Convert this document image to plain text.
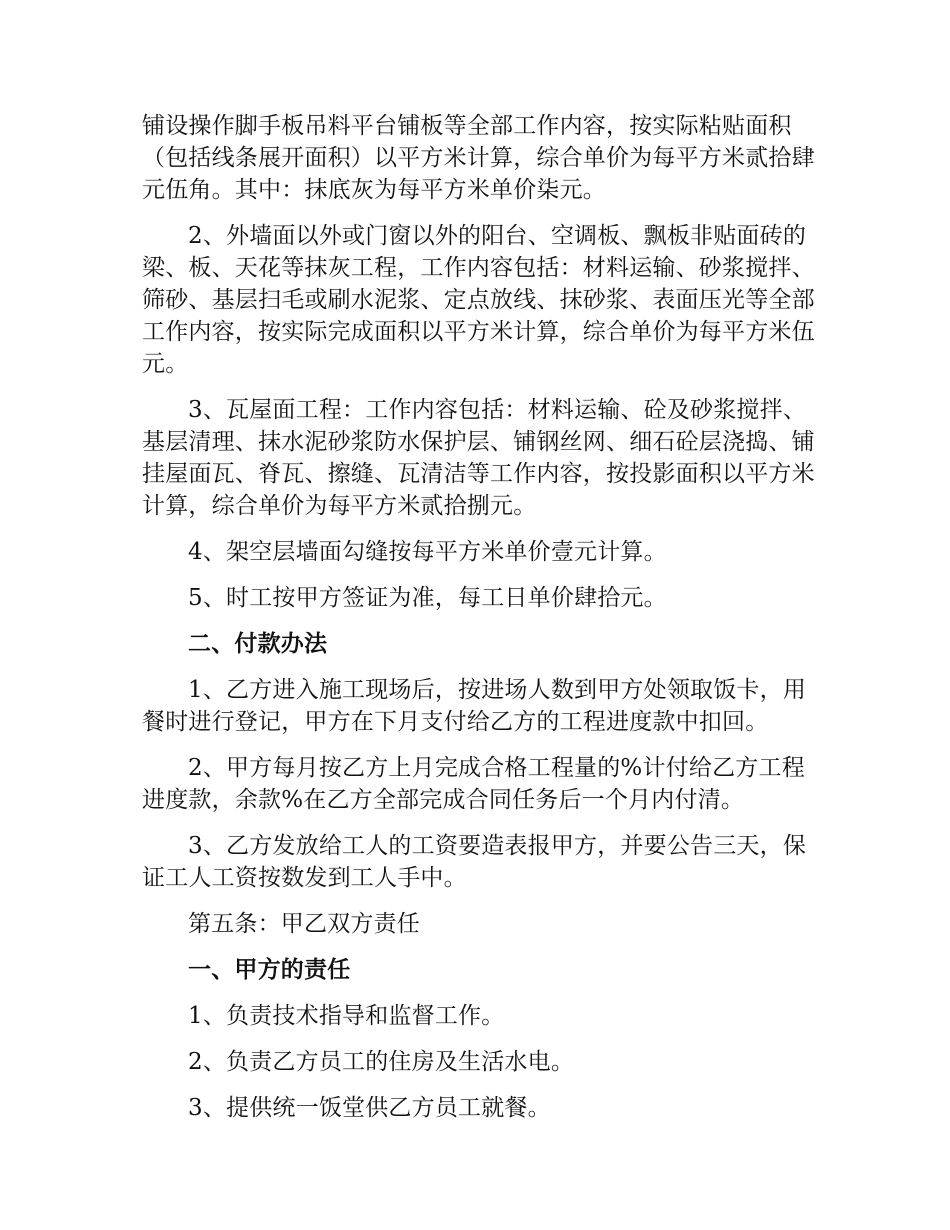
铺设操作脚手板吊料平台铺板等全部工作内容，按实际粘贴面积（包括线条展开面积）以平方米计算，综合单价为每平方米贰拾肆元伍角。其中：抹底灰为每平方米单价柒元。

2、外墙面以外或门窗以外的阳台、空调板、飘板非贴面砖的梁、板、天花等抹灰工程，工作内容包括：材料运输、砂浆搅拌、筛砂、基层扫毛或刷水泥浆、定点放线、抹砂浆、表面压光等全部工作内容，按实际完成面积以平方米计算，综合单价为每平方米伍元。

3、瓦屋面工程：工作内容包括：材料运输、砼及砂浆搅拌、基层清理、抹水泥砂浆防水保护层、铺钢丝网、细石砼层浇捣、铺挂屋面瓦、脊瓦、擦缝、瓦清洁等工作内容，按投影面积以平方米计算，综合单价为每平方米贰拾捌元。

4、架空层墙面勾缝按每平方米单价壹元计算。

5、时工按甲方签证为准，每工日单价肆拾元。

二、付款办法

1、乙方进入施工现场后，按进场人数到甲方处领取饭卡，用餐时进行登记，甲方在下月支付给乙方的工程进度款中扣回。

2、甲方每月按乙方上月完成合格工程量的%计付给乙方工程进度款，余款%在乙方全部完成合同任务后一个月内付清。

3、乙方发放给工人的工资要造表报甲方，并要公告三天，保证工人工资按数发到工人手中。

第五条：甲乙双方责任

一、甲方的责任

1、负责技术指导和监督工作。

2、负责乙方员工的住房及生活水电。

3、提供统一饭堂供乙方员工就餐。
